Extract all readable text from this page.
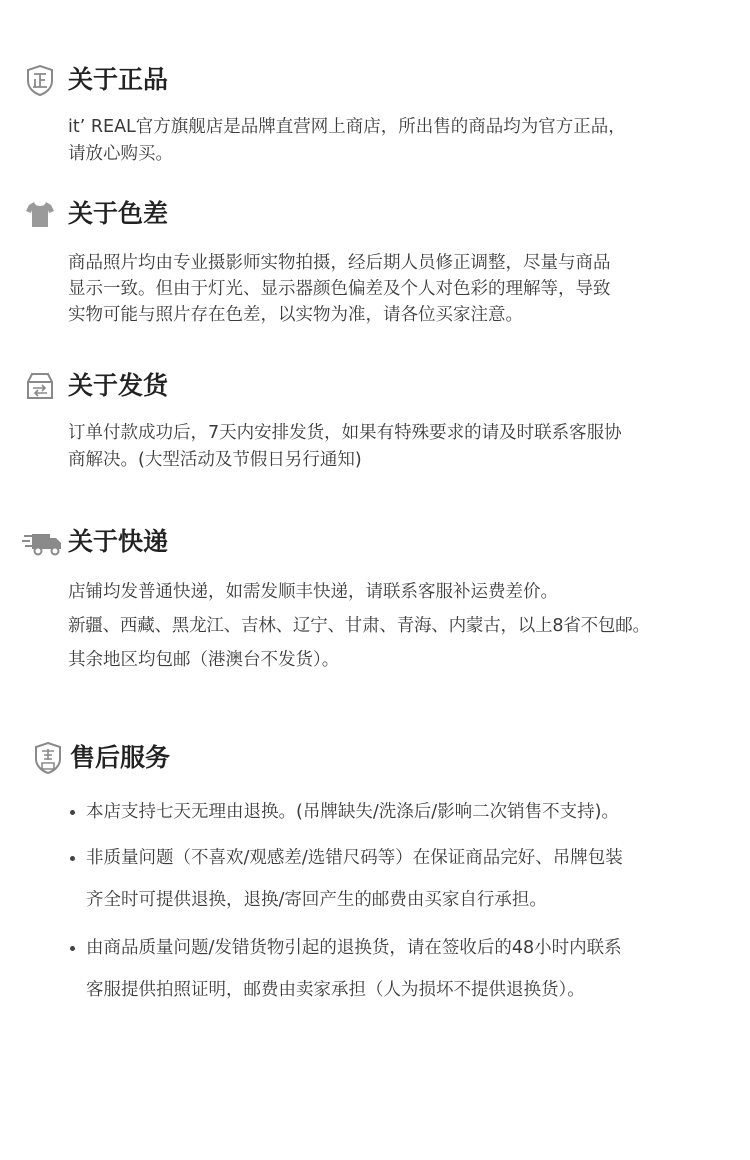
关于正品
it’ REAL官方旗舰店是品牌直营网上商店，所出售的商品均为官方正品，
请放心购买。
关于色差
商品照片均由专业摄影师实物拍摄，经后期人员修正调整，尽量与商品
显示一致。但由于灯光、显示器颜色偏差及个人对色彩的理解等，导致
实物可能与照片存在色差，以实物为准，请各位买家注意。
关于发货
订单付款成功后，7天内安排发货，如果有特殊要求的请及时联系客服协
商解决。(大型活动及节假日另行通知)
关于快递
店铺均发普通快递，如需发顺丰快递，请联系客服补运费差价。
新疆、西藏、黑龙江、吉林、辽宁、甘肃、青海、内蒙古，以上8省不包邮。
其余地区均包邮（港澳台不发货）。
售后服务
本店支持七天无理由退换。(吊牌缺失/洗涤后/影响二次销售不支持)。
非质量问题（不喜欢/观感差/选错尺码等）在保证商品完好、吊牌包装
齐全时可提供退换，退换/寄回产生的邮费由买家自行承担。
由商品质量问题/发错货物引起的退换货，请在签收后的48小时内联系
客服提供拍照证明，邮费由卖家承担（人为损坏不提供退换货）。
